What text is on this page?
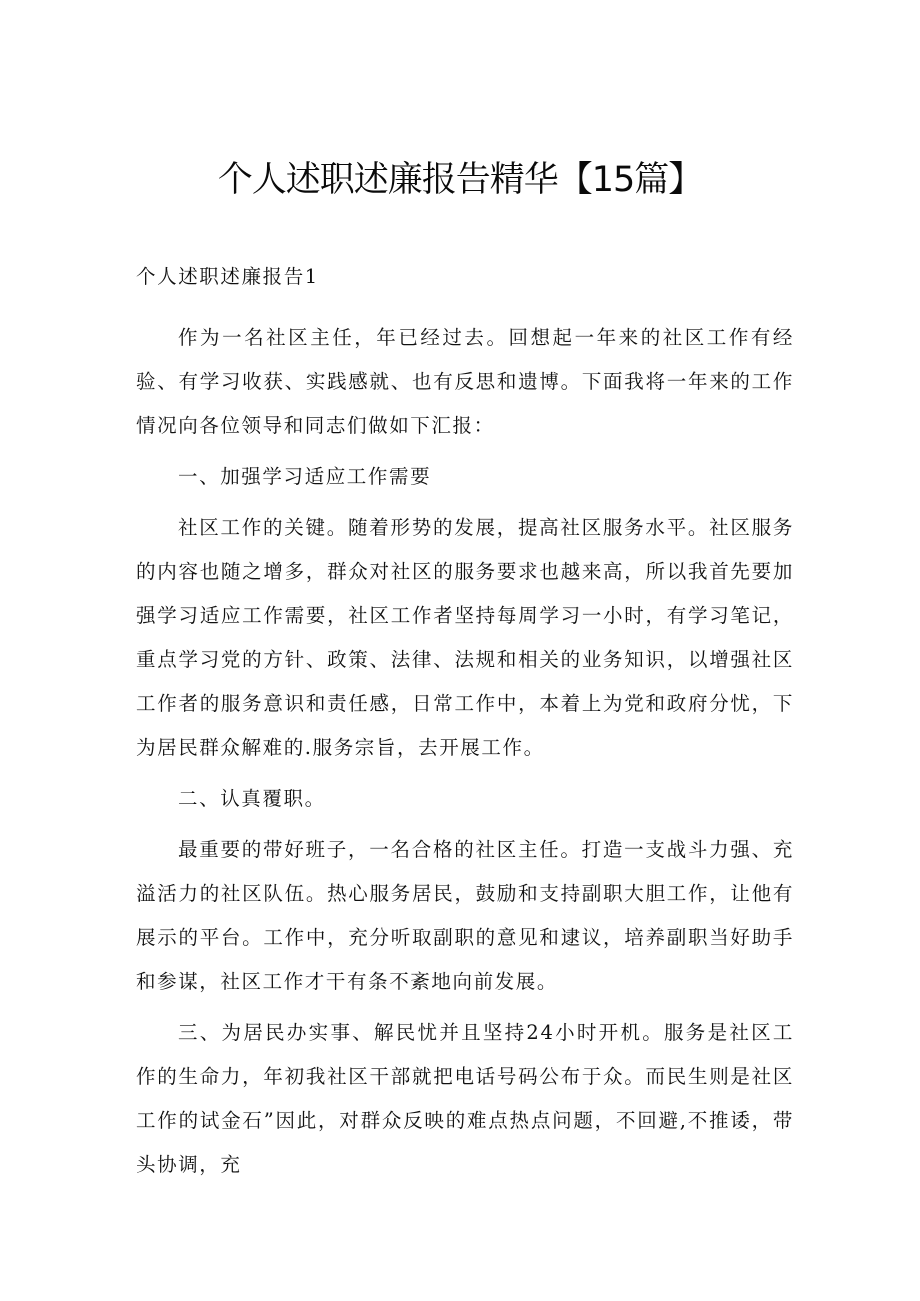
个人述职述廉报告精华【15篇】

个人述职述廉报告1

作为一名社区主任，年已经过去。回想起一年来的社区工作有经验、有学习收获、实践感就、也有反思和遗博。下面我将一年来的工作情况向各位领导和同志们做如下汇报：

一、加强学习适应工作需要

社区工作的关键。随着形势的发展，提高社区服务水平。社区服务的内容也随之增多，群众对社区的服务要求也越来高，所以我首先要加强学习适应工作需要，社区工作者坚持每周学习一小时，有学习笔记，重点学习党的方针、政策、法律、法规和相关的业务知识，以增强社区工作者的服务意识和责任感，日常工作中，本着上为党和政府分忧，下为居民群众解难的.服务宗旨，去开展工作。

二、认真覆职。

最重要的带好班子，一名合格的社区主任。打造一支战斗力强、充溢活力的社区队伍。热心服务居民，鼓励和支持副职大胆工作，让他有展示的平台。工作中，充分听取副职的意见和逮议，培养副职当好助手和参谋，社区工作才干有条不紊地向前发展。

三、为居民办实事、解民忧并且坚持24小时开机。服务是社区工作的生命力，年初我社区干部就把电话号码公布于众。而民生则是社区工作的试金石”因此，对群众反映的难点热点问题，不回避,不推诿，带头协调，充
